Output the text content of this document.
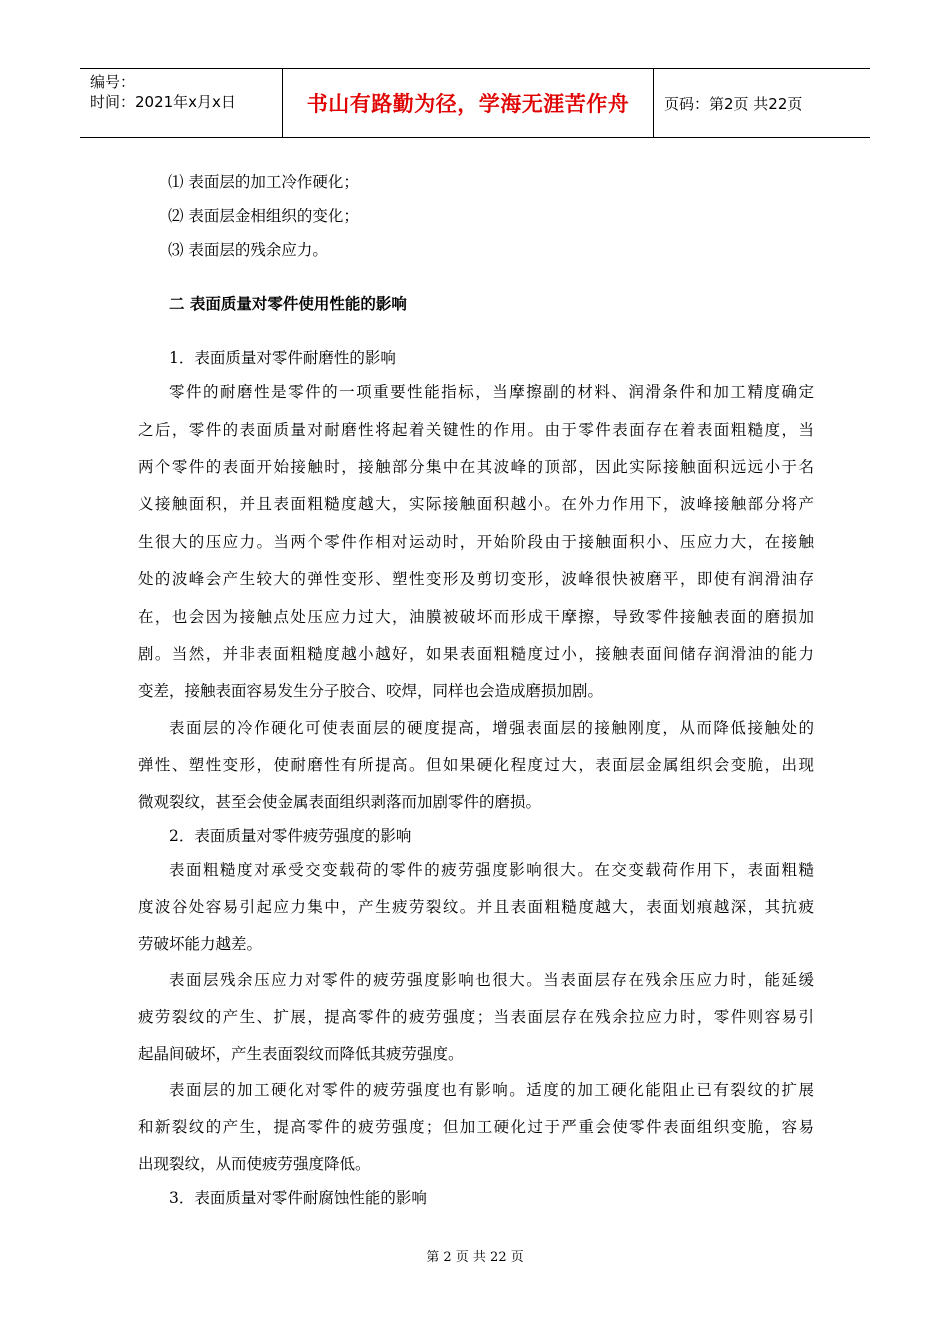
编号：
时间：2021年x月x日	书山有路勤为径，学海无涯苦作舟 页码：第2页 共22页
⑴ 表面层的加工冷作硬化；
⑵ 表面层金相组织的变化；
⑶ 表面层的残余应力。
二 表面质量对零件使用性能的影响
1．表面质量对零件耐磨性的影响
零件的耐磨性是零件的一项重要性能指标，当摩擦副的材料、润滑条件和加工精度确定
之后，零件的表面质量对耐磨性将起着关键性的作用。由于零件表面存在着表面粗糙度，当
两个零件的表面开始接触时，接触部分集中在其波峰的顶部，因此实际接触面积远远小于名
义接触面积，并且表面粗糙度越大，实际接触面积越小。在外力作用下，波峰接触部分将产
生很大的压应力。当两个零件作相对运动时，开始阶段由于接触面积小、压应力大，在接触
处的波峰会产生较大的弹性变形、塑性变形及剪切变形，波峰很快被磨平，即使有润滑油存
在，也会因为接触点处压应力过大，油膜被破坏而形成干摩擦，导致零件接触表面的磨损加
剧。当然，并非表面粗糙度越小越好，如果表面粗糙度过小，接触表面间储存润滑油的能力
变差，接触表面容易发生分子胶合、咬焊，同样也会造成磨损加剧。
表面层的冷作硬化可使表面层的硬度提高，增强表面层的接触刚度，从而降低接触处的
弹性、塑性变形，使耐磨性有所提高。但如果硬化程度过大，表面层金属组织会变脆，出现
微观裂纹，甚至会使金属表面组织剥落而加剧零件的磨损。
2．表面质量对零件疲劳强度的影响
表面粗糙度对承受交变载荷的零件的疲劳强度影响很大。在交变载荷作用下，表面粗糙
度波谷处容易引起应力集中，产生疲劳裂纹。并且表面粗糙度越大，表面划痕越深，其抗疲
劳破坏能力越差。
表面层残余压应力对零件的疲劳强度影响也很大。当表面层存在残余压应力时，能延缓
疲劳裂纹的产生、扩展，提高零件的疲劳强度；当表面层存在残余拉应力时，零件则容易引
起晶间破坏，产生表面裂纹而降低其疲劳强度。
表面层的加工硬化对零件的疲劳强度也有影响。适度的加工硬化能阻止已有裂纹的扩展
和新裂纹的产生，提高零件的疲劳强度；但加工硬化过于严重会使零件表面组织变脆，容易
出现裂纹，从而使疲劳强度降低。
3．表面质量对零件耐腐蚀性能的影响
第 2 页 共 22 页
